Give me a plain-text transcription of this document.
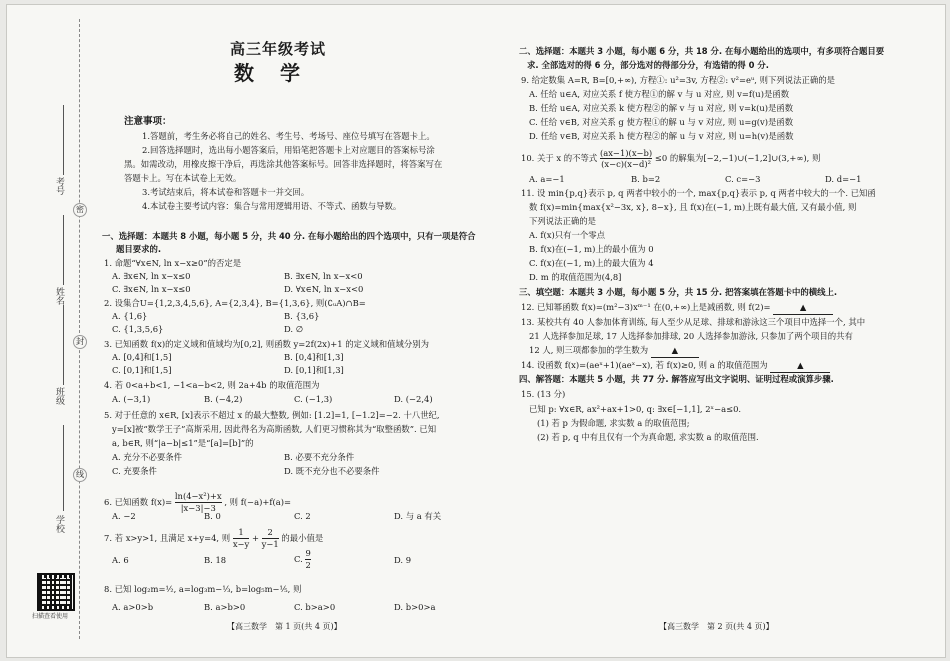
考号
密
姓名
封
班级
线
学校
扫描查看使用
高三年级考试
数学
注意事项：
1.答题前，考生务必将自己的姓名、考生号、考场号、座位号填写在答题卡上。
2.回答选择题时，选出每小题答案后，用铅笔把答题卡上对应题目的答案标号涂
黑。如需改动，用橡皮擦干净后，再选涂其他答案标号。回答非选择题时，将答案写在
答题卡上。写在本试卷上无效。
3.考试结束后，将本试卷和答题卡一并交回。
4.本试卷主要考试内容：集合与常用逻辑用语、不等式、函数与导数。
一、选择题：本题共 8 小题，每小题 5 分，共 40 分. 在每小题给出的四个选项中，只有一项是符合
题目要求的.
1. 命题“∀x∈N, ln x−x≥0”的否定是
A. ∃x∈N, ln x−x≤0	B. ∃x∈N, ln x−x<0
C. ∃x∈N, ln x−x≤0	D. ∀x∈N, ln x−x<0
2. 设集合U={1,2,3,4,5,6}, A={2,3,4}, B={1,3,6}, 则(∁ᵤA)∩B=
A. {1,6}	B. {3,6}
C. {1,3,5,6}	D. ∅
3. 已知函数 f(x)的定义域和值域均为[0,2], 则函数 y=2f(2x)+1 的定义域和值域分别为
A. [0,4]和[1,5]	B. [0,4]和[1,3]
C. [0,1]和[1,5]	D. [0,1]和[1,3]
4. 若 0<a+b<1, −1<a−b<2, 则 2a+4b 的取值范围为
A. (−3,1)	B. (−4,2)	C. (−1,3)	D. (−2,4)
5. 对于任意的 x∈R, [x]表示不超过 x 的最大整数, 例如: [1.2]=1, [−1.2]=−2. 十八世纪,
y=[x]被“数学王子”高斯采用, 因此得名为高斯函数, 人们更习惯称其为“取整函数”. 已知
a, b∈R, 则“|a−b|≤1”是“[a]=[b]”的
A. 充分不必要条件	B. 必要不充分条件
C. 充要条件	D. 既不充分也不必要条件
6. 已知函数 $f(x)= \frac{\text{ln(4−x²)+x}}{|x-3|-3}$ , 则 f(−a)+f(a)=
A. −2	B. 0	C. 2	D. 与 a 有关
7. 若 x>y>1, 且满足 x+y=4, 则 $\frac{1}{x-y} + \frac{2}{y-1}$ 的最小值是
A. 6	B. 18	C. $\frac{9}{2}$	D. 9
8. 已知 log₂m=½, a=log₃m−⅓, b=log₅m−⅕, 则
A. a>0>b	B. a>b>0	C. b>a>0	D. b>0>a
【高三数学　第 1 页(共 4 页)】
二、选择题：本题共 3 小题，每小题 6 分，共 18 分. 在每小题给出的选项中，有多项符合题目要
求. 全部选对的得 6 分，部分选对的得部分分，有选错的得 0 分.
9. 给定数集 A=R, B=[0,+∞), 方程①: u²=3v, 方程②: v²=eᵘ, 则下列说法正确的是
A. 任给 u∈A, 对应关系 f 使方程①的解 v 与 u 对应, 则 v=f(u)是函数
B. 任给 u∈A, 对应关系 k 使方程②的解 v 与 u 对应, 则 v=k(u)是函数
C. 任给 v∈B, 对应关系 g 使方程①的解 u 与 v 对应, 则 u=g(v)是函数
D. 任给 v∈B, 对应关系 h 使方程②的解 u 与 v 对应, 则 u=h(v)是函数
10. 关于 x 的不等式 $\frac{(ax-1)(x-b)}{\text{(x−c)(x−d)²}} \le 0$ 的解集为[−2,−1)∪(−1,2]∪(3,+∞), 则
A. a=−1	B. b=2	C. c=−3	D. d=−1
11. 设 min{p,q}表示 p, q 两者中较小的一个, max{p,q}表示 p, q 两者中较大的一个. 已知函
数 f(x)=min{max{x²−3x, x}, 8−x}, 且 f(x)在(−1, m)上既有最大值, 又有最小值, 则
下列说法正确的是
A. f(x)只有一个零点
B. f(x)在(−1, m)上的最小值为 0
C. f(x)在(−1, m)上的最大值为 4
D. m 的取值范围为(4,8]
三、填空题：本题共 3 小题，每小题 5 分，共 15 分. 把答案填在答题卡中的横线上.
12. 已知幂函数 f(x)=(m²−3)xᵐ⁻¹ 在(0,+∞)上是减函数, 则 f(2)=	▲
13. 某校共有 40 人参加体育训练, 每人至少从足球、排球和游泳这三个项目中选择一个, 其中
21 人选择参加足球, 17 人选择参加排球, 20 人选择参加游泳, 只参加了两个项目的共有
12 人, 则三项都参加的学生数为	▲
14. 设函数 f(x)=(aeˣ+1)(aeˣ−x), 若 f(x)≥0, 则 a 的取值范围为	▲
四、解答题：本题共 5 小题，共 77 分. 解答应写出文字说明、证明过程或演算步骤.
15. (13 分)
已知 p: ∀x∈R, ax²+ax+1>0, q: ∃x∈[−1,1], 2ˣ−a≤0.
(1) 若 p 为假命题, 求实数 a 的取值范围;
(2) 若 p, q 中有且仅有一个为真命题, 求实数 a 的取值范围.
【高三数学　第 2 页(共 4 页)】
